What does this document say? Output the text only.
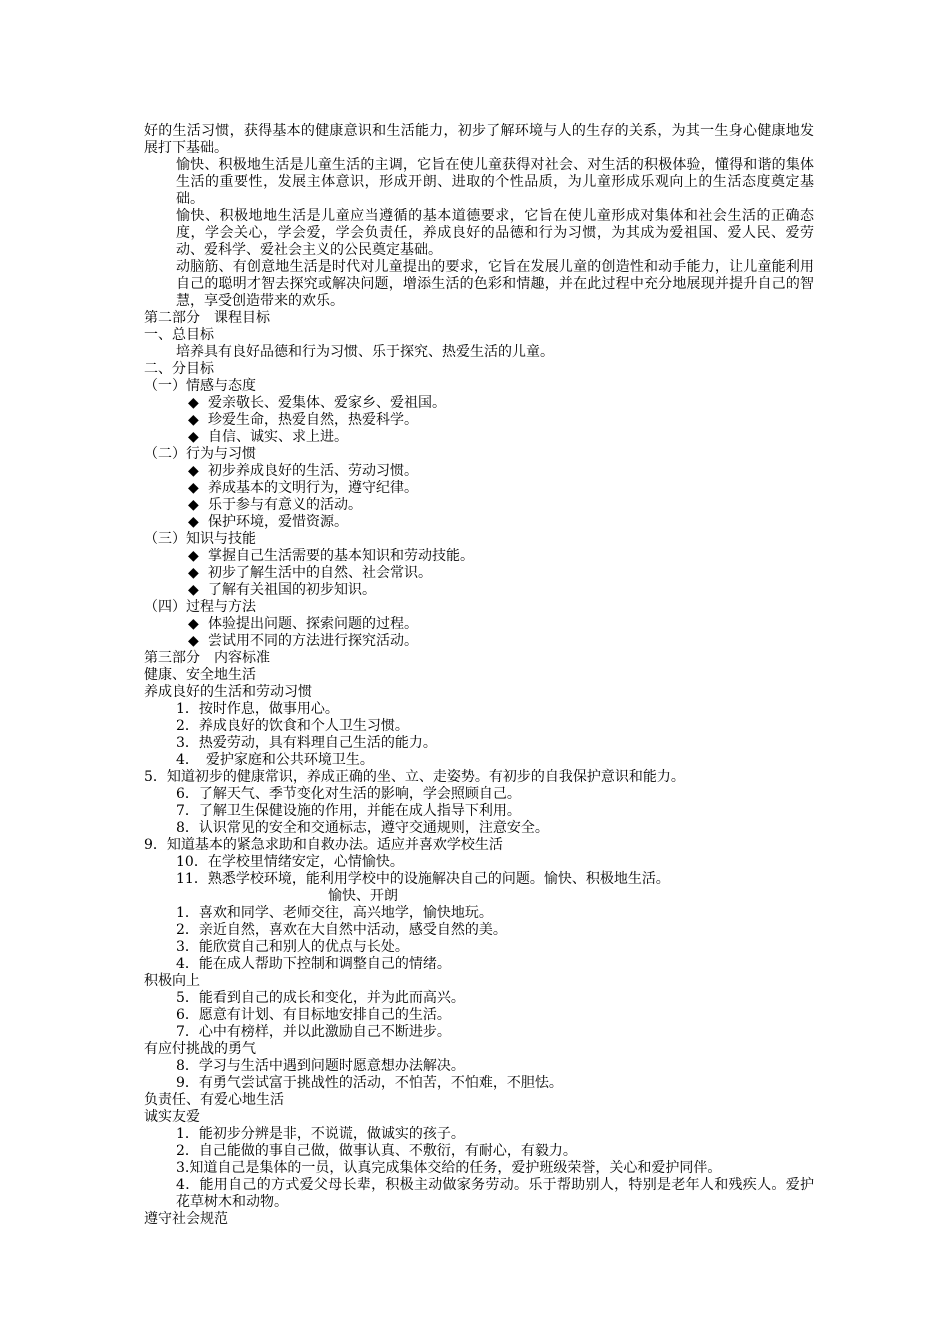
好的生活习惯，获得基本的健康意识和生活能力，初步了解环境与人的生存的关系，为其一生身心健康地发展打下基础。
愉快、积极地生活是儿童生活的主调，它旨在使儿童获得对社会、对生活的积极体验，懂得和谐的集体生活的重要性，发展主体意识，形成开朗、进取的个性品质，为儿童形成乐观向上的生活态度奠定基础。
愉快、积极地地生活是儿童应当遵循的基本道德要求，它旨在使儿童形成对集体和社会生活的正确态度，学会关心，学会爱，学会负责任，养成良好的品德和行为习惯，为其成为爱祖国、爱人民、爱劳动、爱科学、爱社会主义的公民奠定基础。
动脑筋、有创意地生活是时代对儿童提出的要求，它旨在发展儿童的创造性和动手能力，让儿童能利用自己的聪明才智去探究或解决问题，增添生活的色彩和情趣，并在此过程中充分地展现并提升自己的智慧，享受创造带来的欢乐。
第二部分　课程目标
一、总目标
培养具有良好品德和行为习惯、乐于探究、热爱生活的儿童。
二、分目标
（一）情感与态度
◆ 爱亲敬长、爱集体、爱家乡、爱祖国。
◆ 珍爱生命，热爱自然，热爱科学。
◆ 自信、诚实、求上进。
（二）行为与习惯
◆ 初步养成良好的生活、劳动习惯。
◆ 养成基本的文明行为，遵守纪律。
◆ 乐于参与有意义的活动。
◆ 保护环境，爱惜资源。
（三）知识与技能
◆ 掌握自己生活需要的基本知识和劳动技能。
◆ 初步了解生活中的自然、社会常识。
◆ 了解有关祖国的初步知识。
（四）过程与方法
◆ 体验提出问题、探索问题的过程。
◆ 尝试用不同的方法进行探究活动。
第三部分　内容标准
健康、安全地生活
养成良好的生活和劳动习惯
1．按时作息，做事用心。
2．养成良好的饮食和个人卫生习惯。
3．热爱劳动，具有料理自己生活的能力。
4．　爱护家庭和公共环境卫生。
5．知道初步的健康常识，养成正确的坐、立、走姿势。有初步的自我保护意识和能力。
6．了解天气、季节变化对生活的影响，学会照顾自己。
7．了解卫生保健设施的作用，并能在成人指导下利用。
8．认识常见的安全和交通标志，遵守交通规则，注意安全。
9．知道基本的紧急求助和自救办法。适应并喜欢学校生活
10．在学校里情绪安定，心情愉快。
11．熟悉学校环境，能利用学校中的设施解决自己的问题。愉快、积极地生活。
愉快、开朗
1．喜欢和同学、老师交往，高兴地学，愉快地玩。
2．亲近自然，喜欢在大自然中活动，感受自然的美。
3．能欣赏自己和别人的优点与长处。
4．能在成人帮助下控制和调整自己的情绪。
积极向上
5．能看到自己的成长和变化，并为此而高兴。
6．愿意有计划、有目标地安排自己的生活。
7．心中有榜样，并以此激励自己不断进步。
有应付挑战的勇气
8．学习与生活中遇到问题时愿意想办法解决。
9．有勇气尝试富于挑战性的活动，不怕苦，不怕难，不胆怯。
负责任、有爱心地生活
诚实友爱
1．能初步分辨是非，不说谎，做诚实的孩子。
2．自己能做的事自己做，做事认真、不敷衍，有耐心，有毅力。
3.知道自己是集体的一员，认真完成集体交给的任务，爱护班级荣誉，关心和爱护同伴。
4．能用自己的方式爱父母长辈，积极主动做家务劳动。乐于帮助别人，特别是老年人和残疾人。爱护花草树木和动物。
遵守社会规范
